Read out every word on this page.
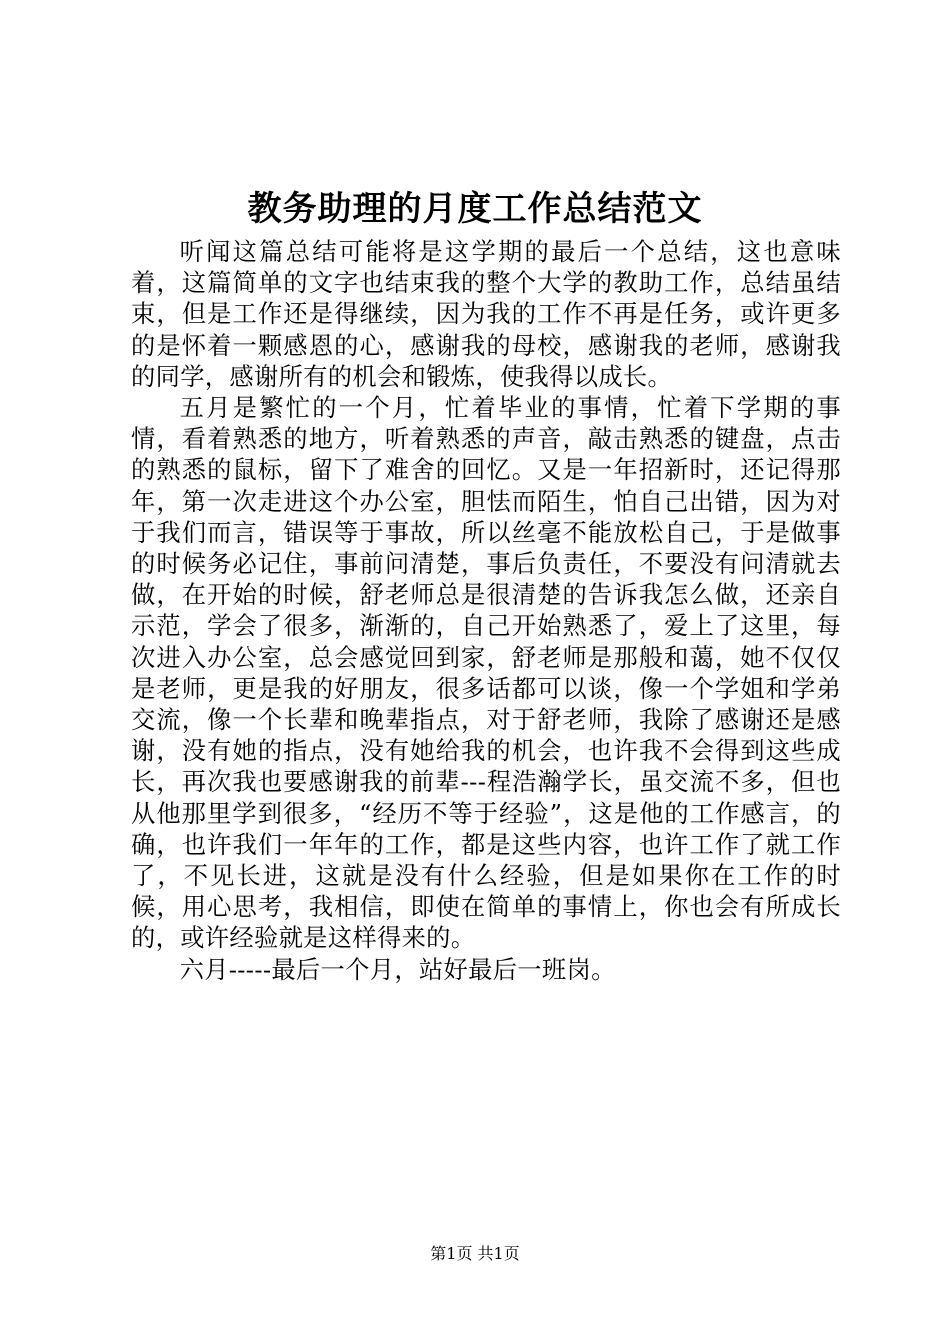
教务助理的月度工作总结范文

听闻这篇总结可能将是这学期的最后一个总结，这也意味着，这篇简单的文字也结束我的整个大学的教助工作，总结虽结束，但是工作还是得继续，因为我的工作不再是任务，或许更多的是怀着一颗感恩的心，感谢我的母校，感谢我的老师，感谢我的同学，感谢所有的机会和锻炼，使我得以成长。

五月是繁忙的一个月，忙着毕业的事情，忙着下学期的事情，看着熟悉的地方，听着熟悉的声音，敲击熟悉的键盘，点击的熟悉的鼠标，留下了难舍的回忆。又是一年招新时，还记得那年，第一次走进这个办公室，胆怯而陌生，怕自己出错，因为对于我们而言，错误等于事故，所以丝毫不能放松自己，于是做事的时候务必记住，事前问清楚，事后负责任，不要没有问清就去做，在开始的时候，舒老师总是很清楚的告诉我怎么做，还亲自示范，学会了很多，渐渐的，自己开始熟悉了，爱上了这里，每次进入办公室，总会感觉回到家，舒老师是那般和蔼，她不仅仅是老师，更是我的好朋友，很多话都可以谈，像一个学姐和学弟交流，像一个长辈和晚辈指点，对于舒老师，我除了感谢还是感谢，没有她的指点，没有她给我的机会，也许我不会得到这些成长，再次我也要感谢我的前辈---程浩瀚学长，虽交流不多，但也从他那里学到很多，“经历不等于经验”，这是他的工作感言，的确，也许我们一年年的工作，都是这些内容，也许工作了就工作了，不见长进，这就是没有什么经验，但是如果你在工作的时候，用心思考，我相信，即使在简单的事情上，你也会有所成长的，或许经验就是这样得来的。

六月-----最后一个月，站好最后一班岗。

第1页 共1页
